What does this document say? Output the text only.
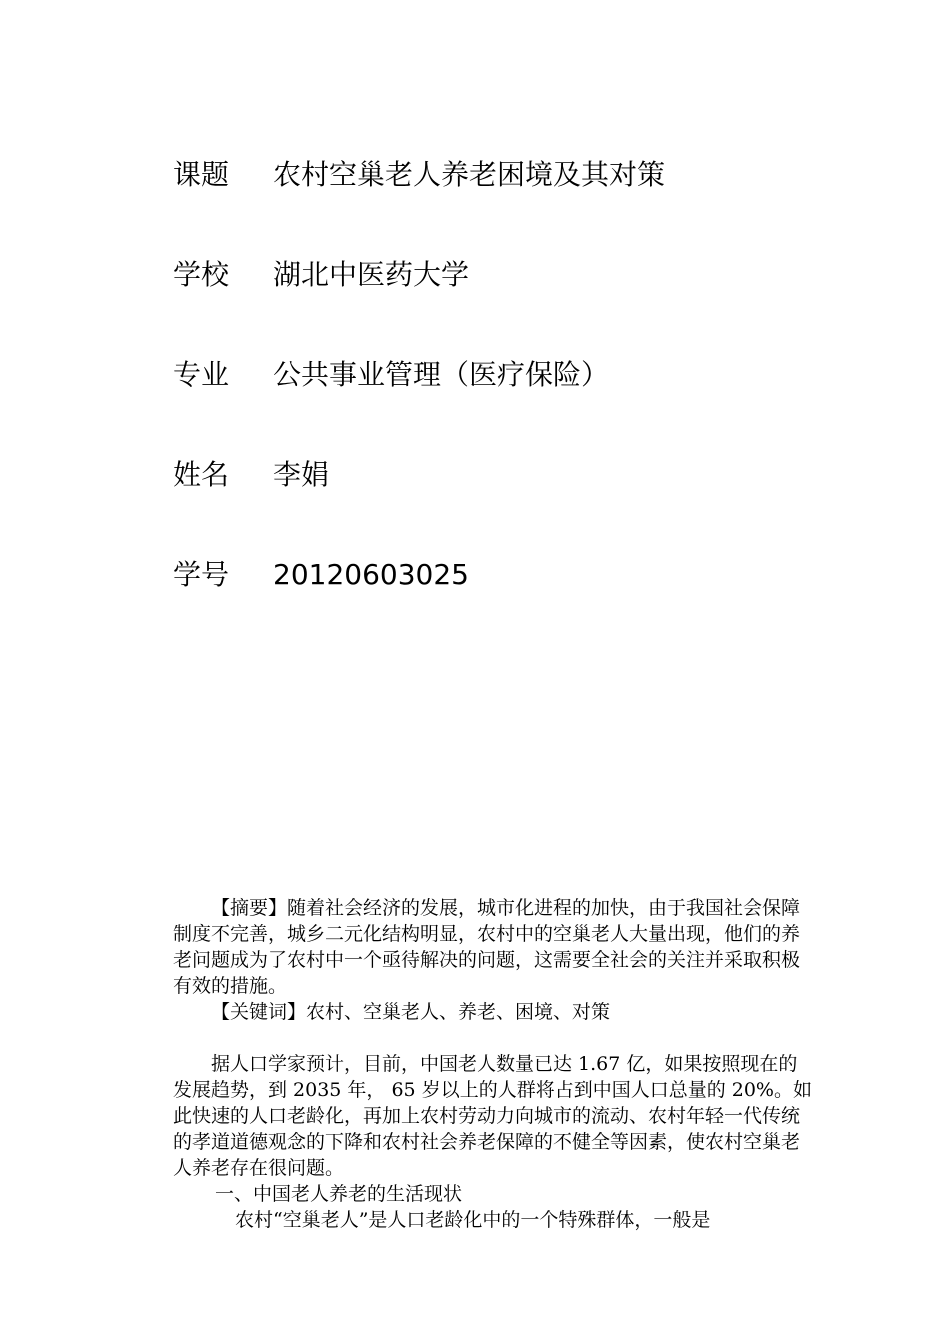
课题 农村空巢老人养老困境及其对策
学校 湖北中医药大学
专业 公共事业管理（医疗保险）
姓名 李娟
学号 20120603025

【摘要】随着社会经济的发展，城市化进程的加快，由于我国社会保障制度不完善，城乡二元化结构明显，农村中的空巢老人大量出现，他们的养老问题成为了农村中一个亟待解决的问题，这需要全社会的关注并采取积极有效的措施。

【关键词】农村、空巢老人、养老、困境、对策

据人口学家预计，目前，中国老人数量已达 1.67 亿，如果按照现在的发展趋势，到 2035 年， 65 岁以上的人群将占到中国人口总量的 20%。如此快速的人口老龄化，再加上农村劳动力向城市的流动、农村年轻一代传统的孝道道德观念的下降和农村社会养老保障的不健全等因素，使农村空巢老人养老存在很问题。

一、中国老人养老的生活现状

农村“空巢老人”是人口老龄化中的一个特殊群体，一般是
